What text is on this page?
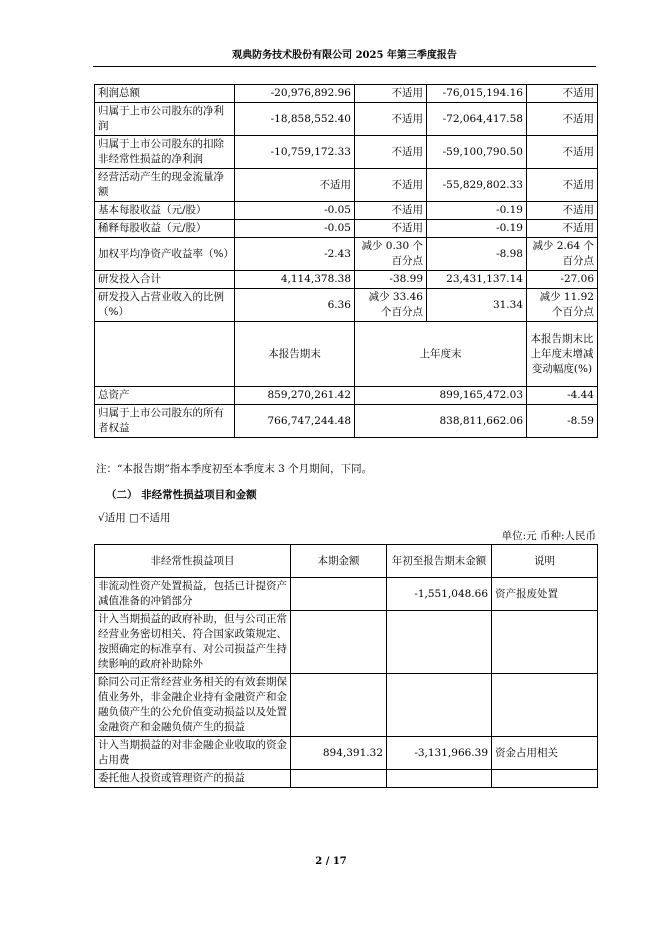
观典防务技术股份有限公司 2025 年第三季度报告
利润总额	-20,976,892.96	不适用	-76,015,194.16	不适用
归属于上市公司股东的净利润	-18,858,552.40	不适用	-72,064,417.58	不适用
归属于上市公司股东的扣除非经常性损益的净利润	-10,759,172.33	不适用	-59,100,790.50	不适用
经营活动产生的现金流量净额	不适用	不适用	-55,829,802.33	不适用
基本每股收益（元/股）	-0.05	不适用	-0.19	不适用
稀释每股收益（元/股）	-0.05	不适用	-0.19	不适用
加权平均净资产收益率（%）	-2.43	减少 0.30 个百分点	-8.98	减少 2.64 个百分点
研发投入合计	4,114,378.38	-38.99	23,431,137.14	-27.06
研发投入占营业收入的比例（%）	6.36	减少 33.46 个百分点	31.34	减少 11.92 个百分点
	本报告期末	上年度末		本报告期末比上年度末增减变动幅度(%)
总资产	859,270,261.42	899,165,472.03		-4.44
归属于上市公司股东的所有者权益	766,747,244.48	838,811,662.06		-8.59
注：“本报告期”指本季度初至本季度末 3 个月期间，下同。
（二） 非经常性损益项目和金额
√适用 □不适用
单位:元 币种:人民币
非经常性损益项目	本期金额	年初至报告期末金额	说明
非流动性资产处置损益，包括已计提资产减值准备的冲销部分		-1,551,048.66	资产报废处置
计入当期损益的政府补助，但与公司正常经营业务密切相关、符合国家政策规定、按照确定的标准享有、对公司损益产生持续影响的政府补助除外			
除同公司正常经营业务相关的有效套期保值业务外，非金融企业持有金融资产和金融负债产生的公允价值变动损益以及处置金融资产和金融负债产生的损益			
计入当期损益的对非金融企业收取的资金占用费	894,391.32	-3,131,966.39	资金占用相关
委托他人投资或管理资产的损益			
2 / 17
